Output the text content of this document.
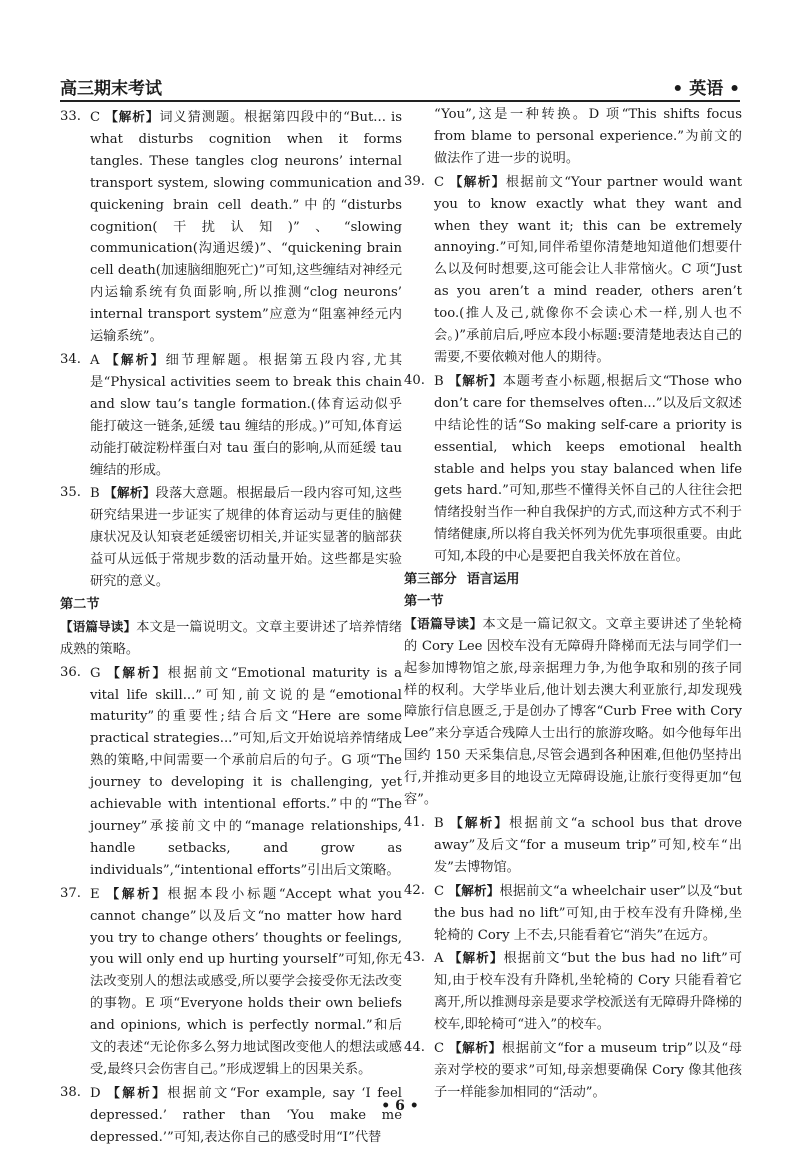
高三期末考试	• 英语 •
33. C 【解析】词义猜测题。根据第四段中的“But... is what disturbs cognition when it forms tangles. These tangles clog neurons’ internal transport system, slowing communication and quickening brain cell death.”中的“disturbs cognition(干扰认知)”、“slowing communication(沟通迟缓)”、“quickening brain cell death(加速脑细胞死亡)”可知,这些缠结对神经元内运输系统有负面影响,所以推测“clog neurons’ internal transport system”应意为“阻塞神经元内运输系统”。
34. A 【解析】细节理解题。根据第五段内容,尤其是“Physical activities seem to break this chain and slow tau’s tangle formation.(体育运动似乎能打破这一链条,延缓 tau 缠结的形成。)”可知,体育运动能打破淀粉样蛋白对 tau 蛋白的影响,从而延缓 tau 缠结的形成。
35. B 【解析】段落大意题。根据最后一段内容可知,这些研究结果进一步证实了规律的体育运动与更佳的脑健康状况及认知衰老延缓密切相关,并证实显著的脑部获益可从远低于常规步数的活动量开始。这些都是实验研究的意义。
第二节
【语篇导读】本文是一篇说明文。文章主要讲述了培养情绪成熟的策略。
36. G 【解析】根据前文“Emotional maturity is a vital life skill...”可知,前文说的是“emotional maturity”的重要性;结合后文“Here are some practical strategies...”可知,后文开始说培养情绪成熟的策略,中间需要一个承前启后的句子。G 项“The journey to developing it is challenging, yet achievable with intentional efforts.”中的“The journey”承接前文中的“manage relationships, handle setbacks, and grow as individuals”,“intentional efforts”引出后文策略。
37. E 【解析】根据本段小标题“Accept what you cannot change”以及后文“no matter how hard you try to change others’ thoughts or feelings, you will only end up hurting yourself”可知,你无法改变别人的想法或感受,所以要学会接受你无法改变的事物。E 项“Everyone holds their own beliefs and opinions, which is perfectly normal.”和后文的表述“无论你多么努力地试图改变他人的想法或感受,最终只会伤害自己。”形成逻辑上的因果关系。
38. D 【解析】根据前文“For example, say ‘I feel depressed.’ rather than ‘You make me depressed.’”可知,表达你自己的感受时用“I”代替
“You”,这是一种转换。D 项“This shifts focus from blame to personal experience.”为前文的做法作了进一步的说明。
39. C 【解析】根据前文“Your partner would want you to know exactly what they want and when they want it; this can be extremely annoying.”可知,同伴希望你清楚地知道他们想要什么以及何时想要,这可能会让人非常恼火。C 项“Just as you aren’t a mind reader, others aren’t too.(推人及己,就像你不会读心术一样,别人也不会。)”承前启后,呼应本段小标题:要清楚地表达自己的需要,不要依赖对他人的期待。
40. B 【解析】本题考查小标题,根据后文“Those who don’t care for themselves often...”以及后文叙述中结论性的话“So making self-care a priority is essential, which keeps emotional health stable and helps you stay balanced when life gets hard.”可知,那些不懂得关怀自己的人往往会把情绪投射当作一种自我保护的方式,而这种方式不利于情绪健康,所以将自我关怀列为优先事项很重要。由此可知,本段的中心是要把自我关怀放在首位。
第三部分 语言运用
第一节
【语篇导读】本文是一篇记叙文。文章主要讲述了坐轮椅的 Cory Lee 因校车没有无障碍升降梯而无法与同学们一起参加博物馆之旅,母亲据理力争,为他争取和别的孩子同样的权利。大学毕业后,他计划去澳大利亚旅行,却发现残障旅行信息匮乏,于是创办了博客“Curb Free with Cory Lee”来分享适合残障人士出行的旅游攻略。如今他每年出国约 150 天采集信息,尽管会遇到各种困难,但他仍坚持出行,并推动更多目的地设立无障碍设施,让旅行变得更加“包容”。
41. B 【解析】根据前文“a school bus that drove away”及后文“for a museum trip”可知,校车“出发”去博物馆。
42. C 【解析】根据前文“a wheelchair user”以及“but the bus had no lift”可知,由于校车没有升降梯,坐轮椅的 Cory 上不去,只能看着它“消失”在远方。
43. A 【解析】根据前文“but the bus had no lift”可知,由于校车没有升降机,坐轮椅的 Cory 只能看着它离开,所以推测母亲是要求学校派送有无障碍升降梯的校车,即轮椅可“进入”的校车。
44. C 【解析】根据前文“for a museum trip”以及“母亲对学校的要求”可知,母亲想要确保 Cory 像其他孩子一样能参加相同的“活动”。
• 6 •
